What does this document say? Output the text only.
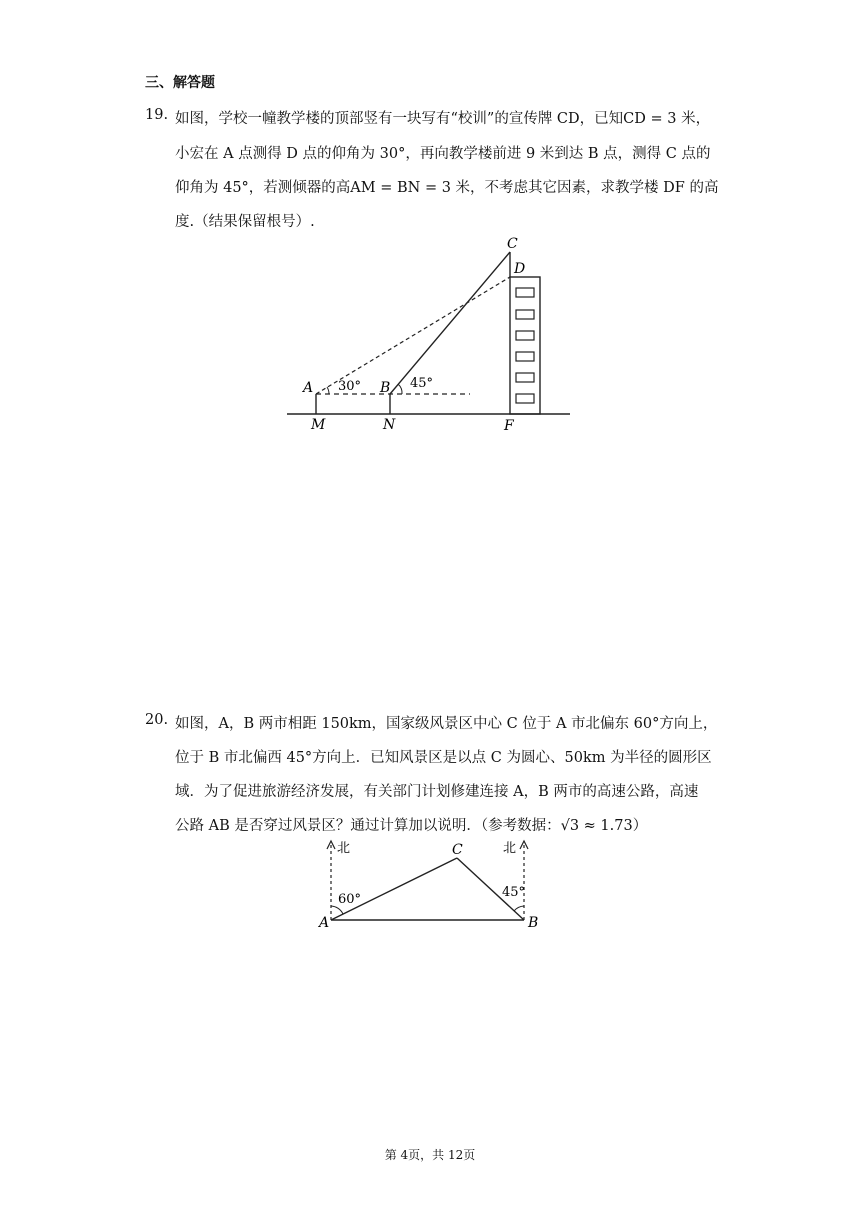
三、解答题
19. 如图，学校一幢教学楼的顶部竖有一块写有“校训”的宣传牌 CD，已知CD = 3 米，
小宏在 A 点测得 D 点的仰角为 30°，再向教学楼前进 9 米到达 B 点，测得 C 点的
仰角为 45°，若测倾器的高AM = BN = 3 米，不考虑其它因素，求教学楼 DF 的高
度.（结果保留根号）.
C
D
A	B
M	N	F
30°	45°
20. 如图，A，B 两市相距 150km，国家级风景区中心 C 位于 A 市北偏东 60°方向上，
位于 B 市北偏西 45°方向上．已知风景区是以点 C 为圆心、50km 为半径的圆形区
域．为了促进旅游经济发展，有关部门计划修建连接 A，B 两市的高速公路，高速
公路 AB 是否穿过风景区？通过计算加以说明．（参考数据：√3 ≈ 1.73）
北	北
C
A	B
60°	45°
第 4页，共 12页
